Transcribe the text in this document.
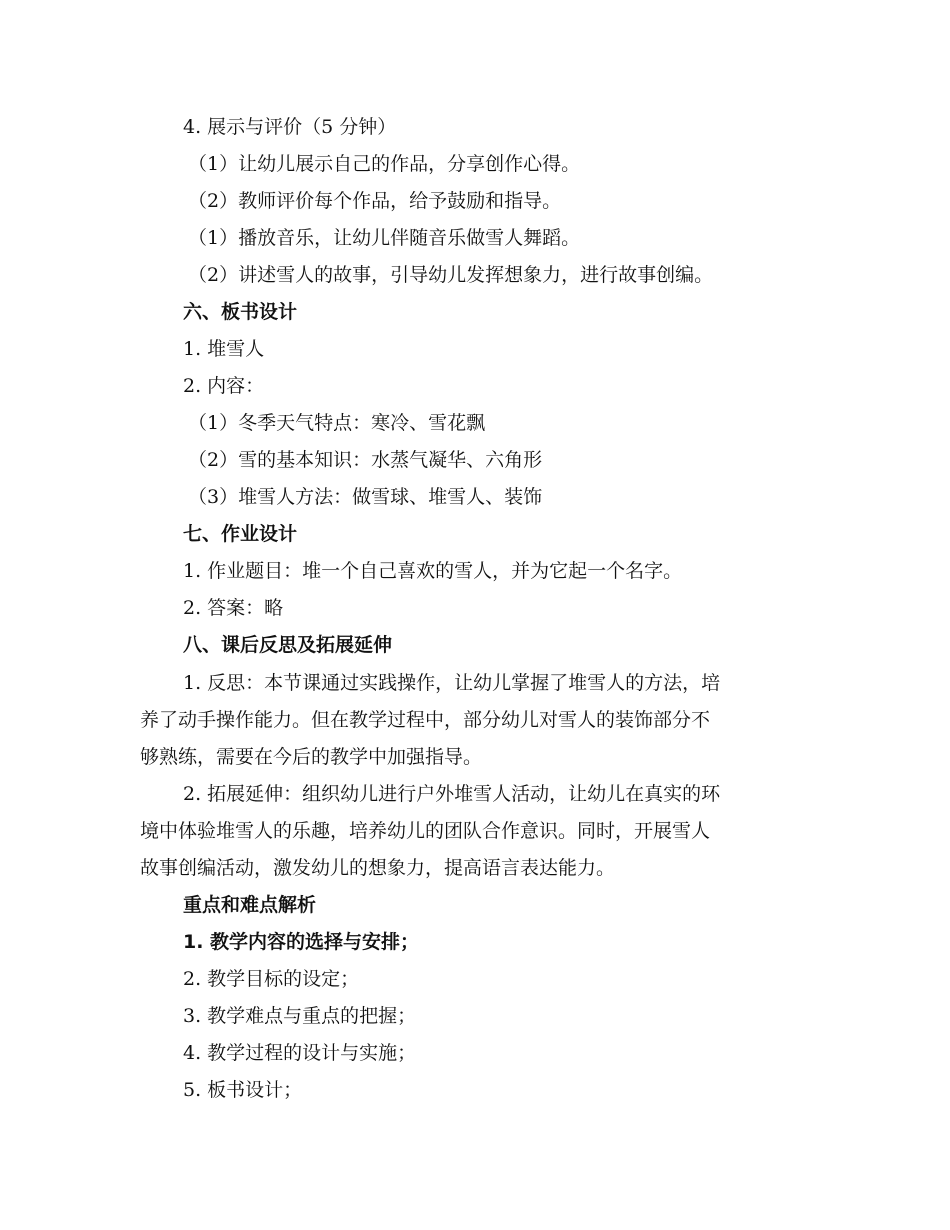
4. 展示与评价（5 分钟）
（1）让幼儿展示自己的作品，分享创作心得。
（2）教师评价每个作品，给予鼓励和指导。
（1）播放音乐，让幼儿伴随音乐做雪人舞蹈。
（2）讲述雪人的故事，引导幼儿发挥想象力，进行故事创编。
六、板书设计
1. 堆雪人
2. 内容：
（1）冬季天气特点：寒冷、雪花飘
（2）雪的基本知识：水蒸气凝华、六角形
（3）堆雪人方法：做雪球、堆雪人、装饰
七、作业设计
1. 作业题目：堆一个自己喜欢的雪人，并为它起一个名字。
2. 答案：略
八、课后反思及拓展延伸
1. 反思：本节课通过实践操作，让幼儿掌握了堆雪人的方法，培
养了动手操作能力。但在教学过程中，部分幼儿对雪人的装饰部分不
够熟练，需要在今后的教学中加强指导。
2. 拓展延伸：组织幼儿进行户外堆雪人活动，让幼儿在真实的环
境中体验堆雪人的乐趣，培养幼儿的团队合作意识。同时，开展雪人
故事创编活动，激发幼儿的想象力，提高语言表达能力。
重点和难点解析
1. 教学内容的选择与安排；
2. 教学目标的设定；
3. 教学难点与重点的把握；
4. 教学过程的设计与实施；
5. 板书设计；
